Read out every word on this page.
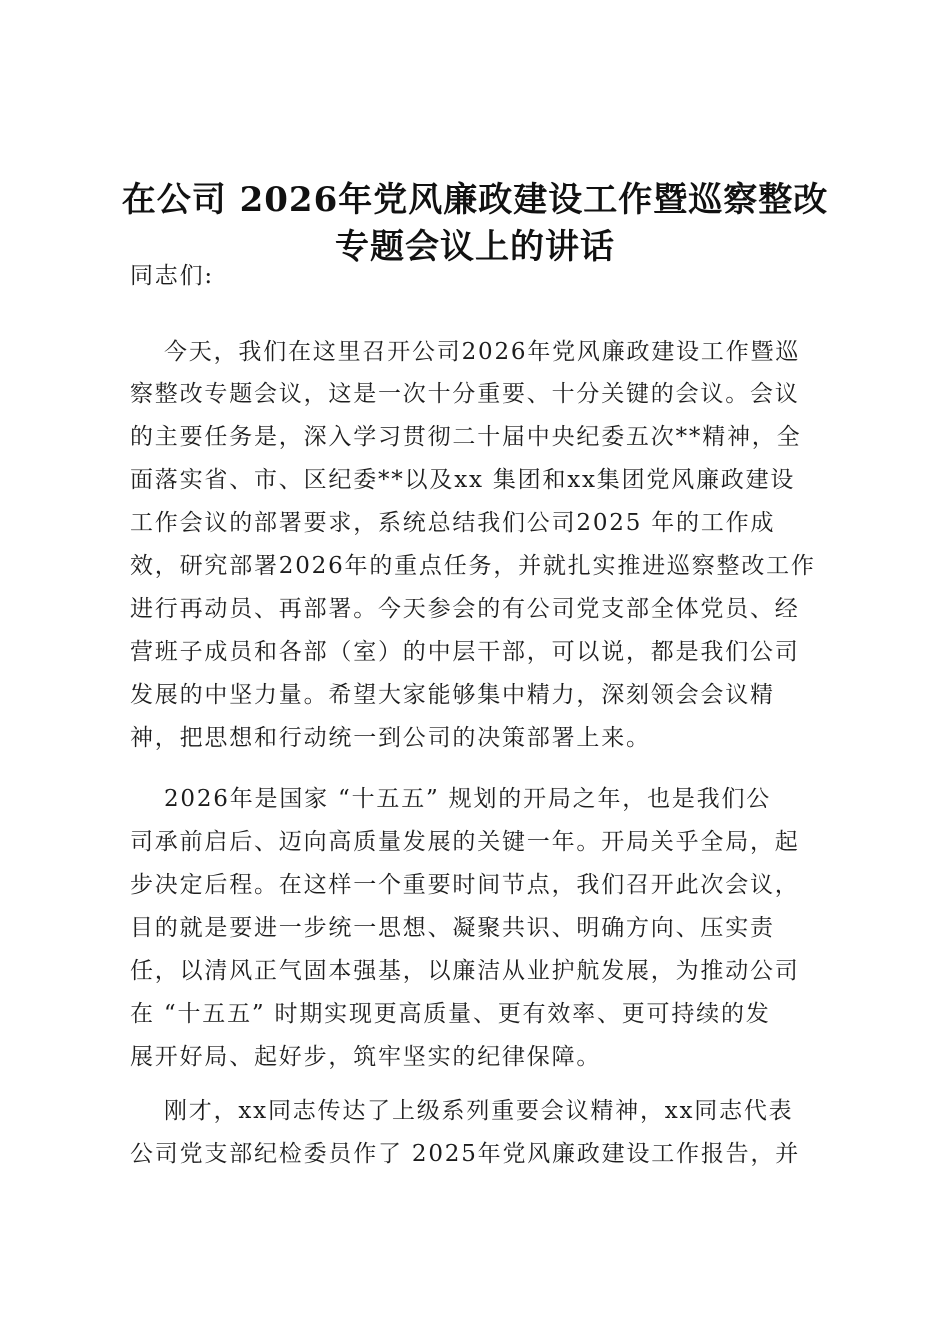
在公司 2026年党风廉政建设工作暨巡察整改
专题会议上的讲话
同志们:
今天，我们在这里召开公司2026年党风廉政建设工作暨巡
察整改专题会议，这是一次十分重要、十分关键的会议。会议
的主要任务是，深入学习贯彻二十届中央纪委五次**精神，全
面落实省、市、区纪委**以及xx 集团和xx集团党风廉政建设
工作会议的部署要求，系统总结我们公司2025 年的工作成
效，研究部署2026年的重点任务，并就扎实推进巡察整改工作
进行再动员、再部署。今天参会的有公司党支部全体党员、经
营班子成员和各部（室）的中层干部，可以说，都是我们公司
发展的中坚力量。希望大家能够集中精力，深刻领会会议精
神，把思想和行动统一到公司的决策部署上来。
2026年是国家 “十五五” 规划的开局之年，也是我们公
司承前启后、迈向高质量发展的关键一年。开局关乎全局，起
步决定后程。在这样一个重要时间节点，我们召开此次会议，
目的就是要进一步统一思想、凝聚共识、明确方向、压实责
任，以清风正气固本强基，以廉洁从业护航发展，为推动公司
在 “十五五” 时期实现更高质量、更有效率、更可持续的发
展开好局、起好步，筑牢坚实的纪律保障。
刚才，xx同志传达了上级系列重要会议精神，xx同志代表
公司党支部纪检委员作了 2025年党风廉政建设工作报告，并
